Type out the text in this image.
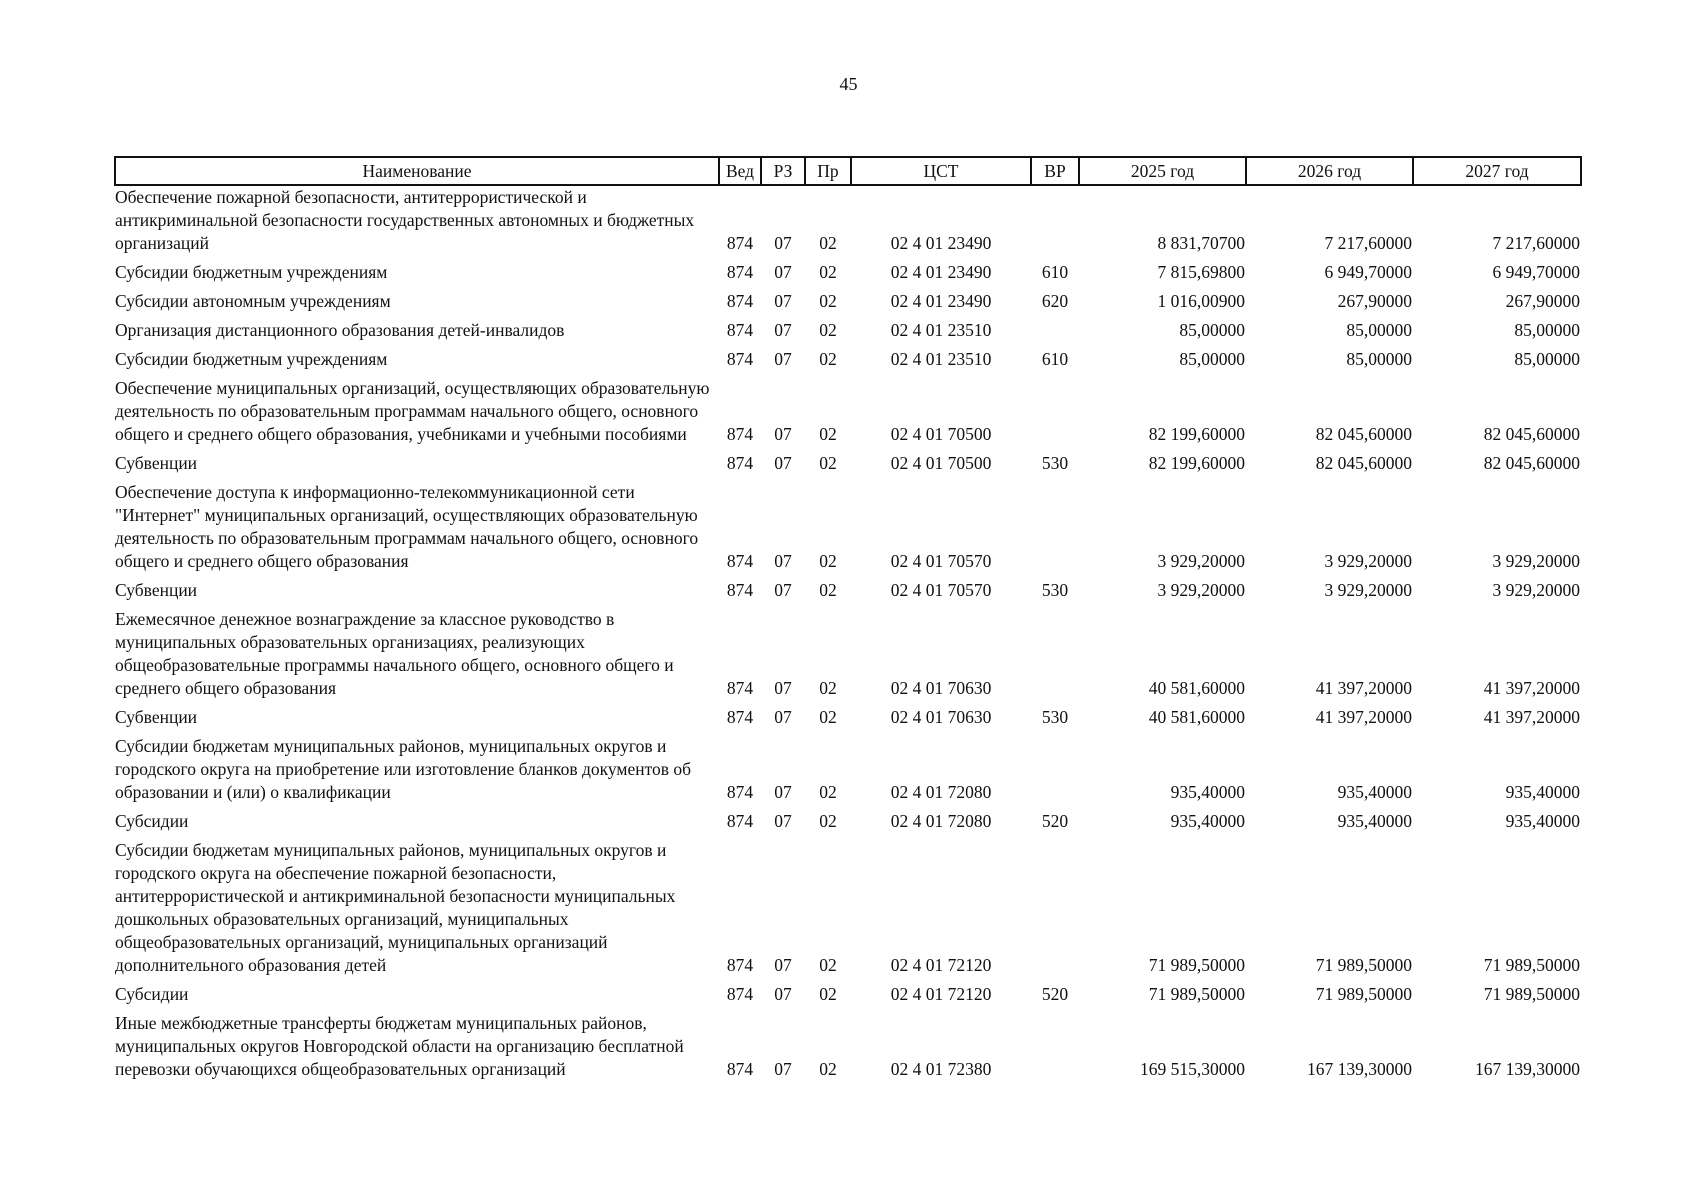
45
Наименование	Вед	РЗ	Пр	ЦСТ	ВР	2025 год	2026 год	2027 год
Обеспечение пожарной безопасности, антитеррористической и антикриминальной безопасности государственных автономных и бюджетных организаций	874	07	02	02 4 01 23490		8 831,70700	7 217,60000	7 217,60000
Субсидии бюджетным учреждениям	874	07	02	02 4 01 23490	610	7 815,69800	6 949,70000	6 949,70000
Субсидии автономным учреждениям	874	07	02	02 4 01 23490	620	1 016,00900	267,90000	267,90000
Организация дистанционного образования детей-инвалидов	874	07	02	02 4 01 23510		85,00000	85,00000	85,00000
Субсидии бюджетным учреждениям	874	07	02	02 4 01 23510	610	85,00000	85,00000	85,00000
Обеспечение муниципальных организаций, осуществляющих образовательную деятельность по образовательным программам начального общего, основного общего и среднего общего образования, учебниками и учебными пособиями	874	07	02	02 4 01 70500		82 199,60000	82 045,60000	82 045,60000
Субвенции	874	07	02	02 4 01 70500	530	82 199,60000	82 045,60000	82 045,60000
Обеспечение доступа к информационно-телекоммуникационной сети "Интернет" муниципальных организаций, осуществляющих образовательную деятельность по образовательным программам начального общего, основного общего и среднего общего образования	874	07	02	02 4 01 70570		3 929,20000	3 929,20000	3 929,20000
Субвенции	874	07	02	02 4 01 70570	530	3 929,20000	3 929,20000	3 929,20000
Ежемесячное денежное вознаграждение за классное руководство в муниципальных образовательных организациях, реализующих общеобразовательные программы начального общего, основного общего и среднего общего образования	874	07	02	02 4 01 70630		40 581,60000	41 397,20000	41 397,20000
Субвенции	874	07	02	02 4 01 70630	530	40 581,60000	41 397,20000	41 397,20000
Субсидии бюджетам муниципальных районов, муниципальных округов и городского округа на приобретение или изготовление бланков документов об образовании и (или) о квалификации	874	07	02	02 4 01 72080		935,40000	935,40000	935,40000
Субсидии	874	07	02	02 4 01 72080	520	935,40000	935,40000	935,40000
Субсидии бюджетам муниципальных районов, муниципальных округов и городского округа на обеспечение пожарной безопасности, антитеррористической и антикриминальной безопасности муниципальных дошкольных образовательных организаций, муниципальных общеобразовательных организаций, муниципальных организаций дополнительного образования детей	874	07	02	02 4 01 72120		71 989,50000	71 989,50000	71 989,50000
Субсидии	874	07	02	02 4 01 72120	520	71 989,50000	71 989,50000	71 989,50000
Иные межбюджетные трансферты бюджетам муниципальных районов, муниципальных округов Новгородской области на организацию бесплатной перевозки обучающихся общеобразовательных организаций	874	07	02	02 4 01 72380		169 515,30000	167 139,30000	167 139,30000
